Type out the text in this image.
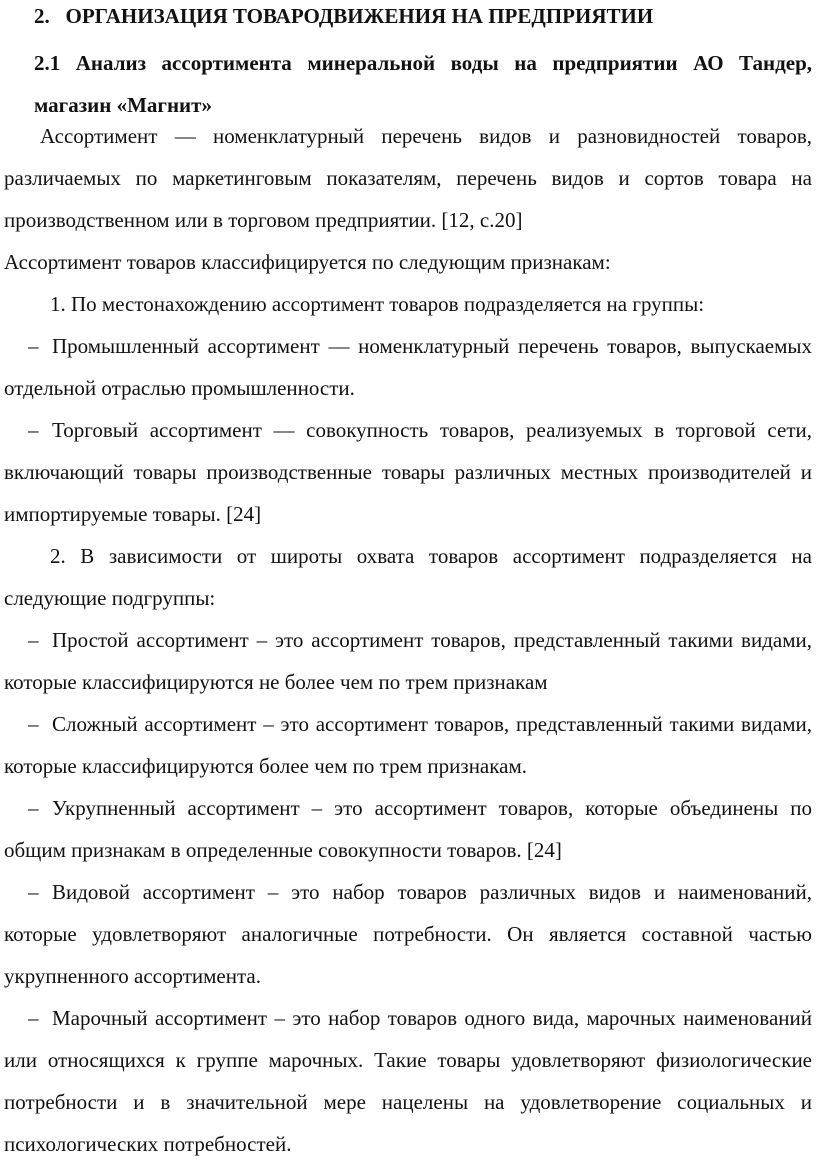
2.   ОРГАНИЗАЦИЯ ТОВАРОДВИЖЕНИЯ НА ПРЕДПРИЯТИИ
2.1 Анализ ассортимента минеральной воды на предприятии АО Тандер, магазин «Магнит»
Ассортимент — номенклатурный перечень видов и разновидностей товаров, различаемых по маркетинговым показателям, перечень видов и сортов товара на производственном или в торговом предприятии. [12, с.20]
Ассортимент товаров классифицируется по следующим признакам:
1. По местонахождению ассортимент товаров подразделяется на группы:
– Промышленный ассортимент — номенклатурный перечень товаров, выпускаемых отдельной отраслью промышленности.
– Торговый ассортимент — совокупность товаров, реализуемых в торговой сети, включающий товары производственные товары различных местных производителей и импортируемые товары. [24]
2. В зависимости от широты охвата товаров ассортимент подразделяется на следующие подгруппы:
– Простой ассортимент – это ассортимент товаров, представленный такими видами, которые классифицируются не более чем по трем признакам
– Сложный ассортимент – это ассортимент товаров, представленный такими видами, которые классифицируются более чем по трем признакам.
– Укрупненный ассортимент – это ассортимент товаров, которые объединены по общим признакам в определенные совокупности товаров. [24]
– Видовой ассортимент – это набор товаров различных видов и наименований, которые удовлетворяют аналогичные потребности. Он является составной частью укрупненного ассортимента.
– Марочный ассортимент – это набор товаров одного вида, марочных наименований или относящихся к группе марочных. Такие товары удовлетворяют физиологические потребности и в значительной мере нацелены на удовлетворение социальных и психологических потребностей.
